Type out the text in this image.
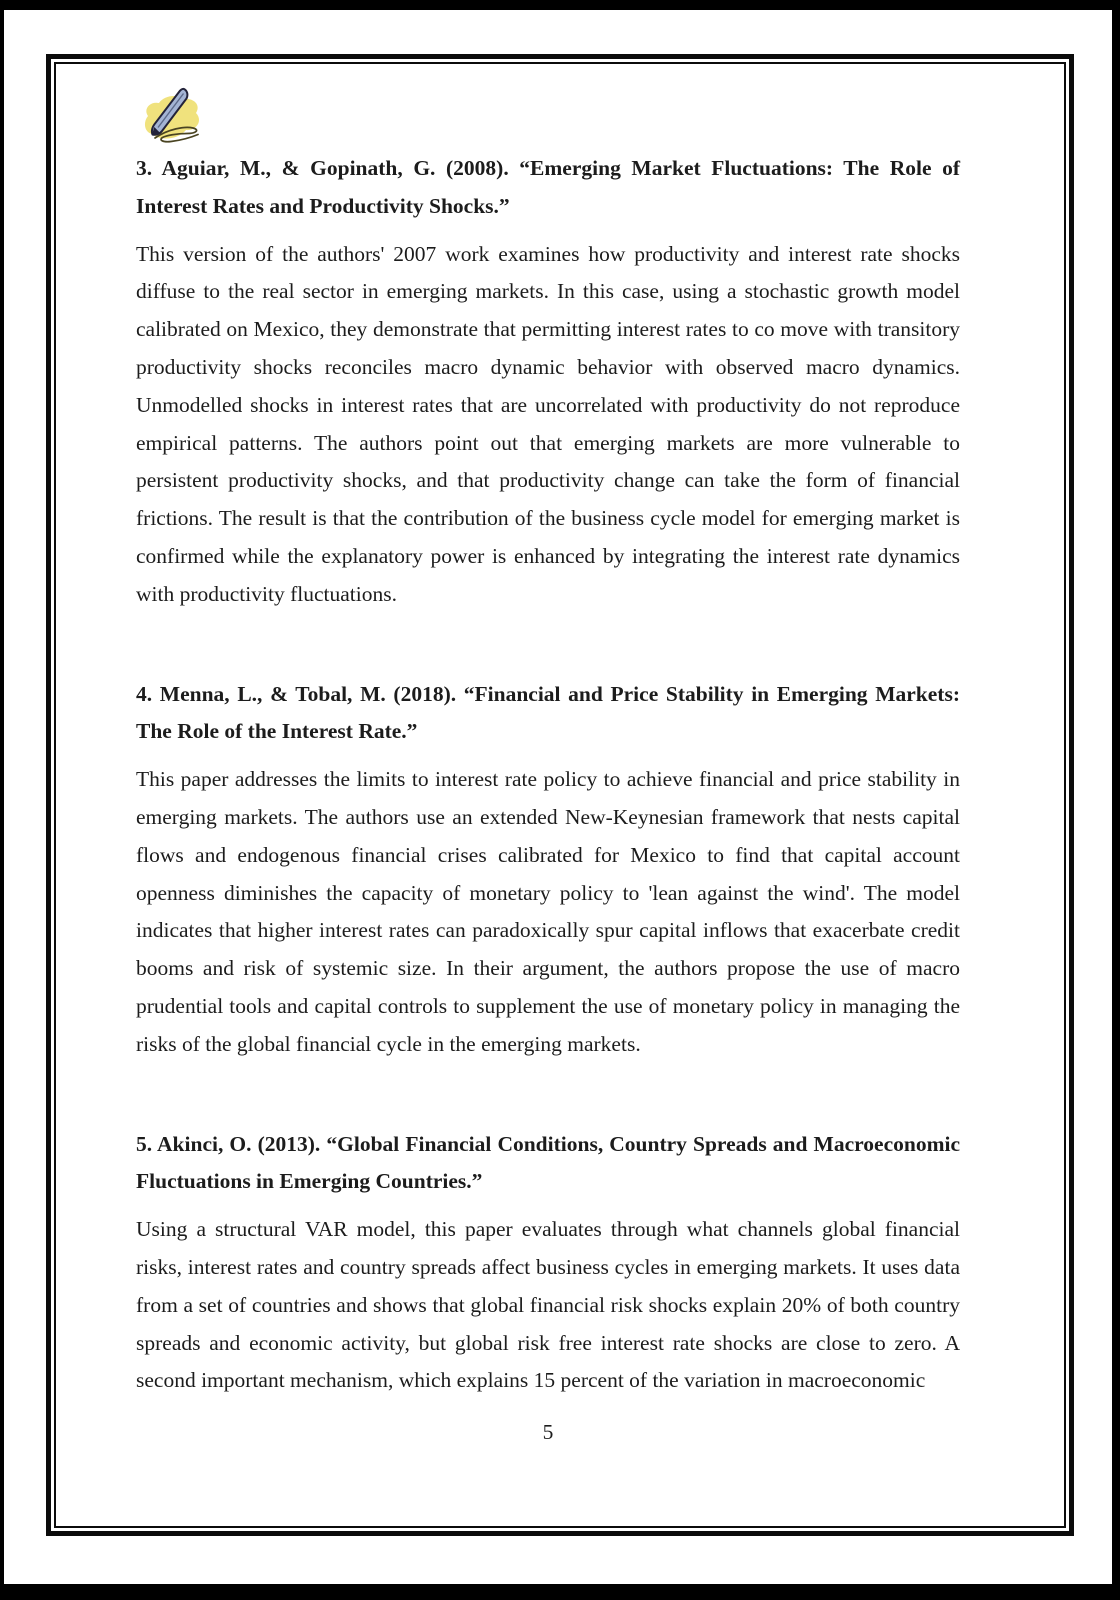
3. Aguiar, M., & Gopinath, G. (2008). “Emerging Market Fluctuations: The Role of
Interest Rates and Productivity Shocks.”
This version of the authors' 2007 work examines how productivity and interest rate shocks
diffuse to the real sector in emerging markets. In this case, using a stochastic growth model
calibrated on Mexico, they demonstrate that permitting interest rates to co move with transitory
productivity shocks reconciles macro dynamic behavior with observed macro dynamics.
Unmodelled shocks in interest rates that are uncorrelated with productivity do not reproduce
empirical patterns. The authors point out that emerging markets are more vulnerable to
persistent productivity shocks, and that productivity change can take the form of financial
frictions. The result is that the contribution of the business cycle model for emerging market is
confirmed while the explanatory power is enhanced by integrating the interest rate dynamics
with productivity fluctuations.
4. Menna, L., & Tobal, M. (2018). “Financial and Price Stability in Emerging Markets:
The Role of the Interest Rate.”
This paper addresses the limits to interest rate policy to achieve financial and price stability in
emerging markets. The authors use an extended New-Keynesian framework that nests capital
flows and endogenous financial crises calibrated for Mexico to find that capital account
openness diminishes the capacity of monetary policy to 'lean against the wind'. The model
indicates that higher interest rates can paradoxically spur capital inflows that exacerbate credit
booms and risk of systemic size. In their argument, the authors propose the use of macro
prudential tools and capital controls to supplement the use of monetary policy in managing the
risks of the global financial cycle in the emerging markets.
5. Akinci, O. (2013). “Global Financial Conditions, Country Spreads and Macroeconomic
Fluctuations in Emerging Countries.”
Using a structural VAR model, this paper evaluates through what channels global financial
risks, interest rates and country spreads affect business cycles in emerging markets. It uses data
from a set of countries and shows that global financial risk shocks explain 20% of both country
spreads and economic activity, but global risk free interest rate shocks are close to zero. A
second important mechanism, which explains 15 percent of the variation in macroeconomic
5
